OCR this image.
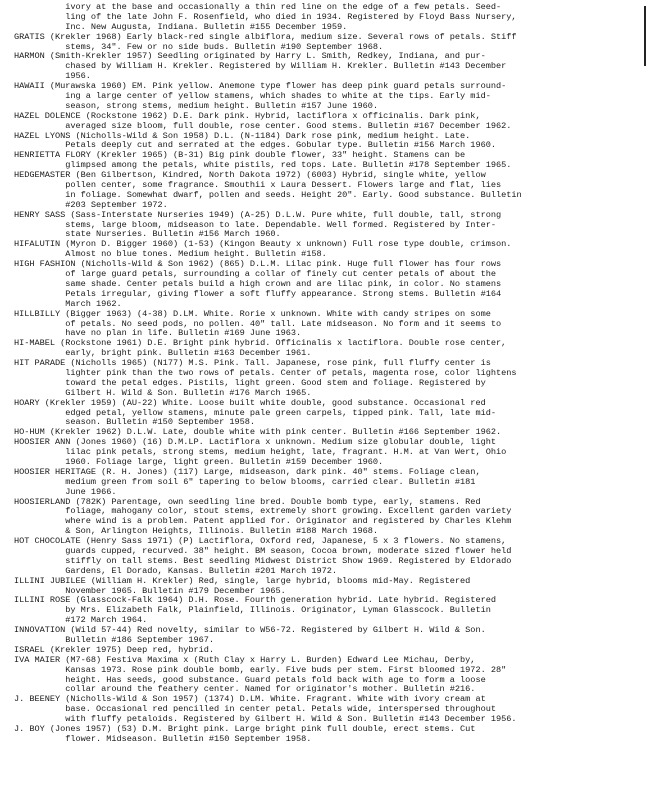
ivory at the base and occasionally a thin red line on the edge of a few petals. Seed-
ling of the late John F. Rosenfield, who died in 1934. Registered by Floyd Bass Nursery,
Inc. New Augusta, Indiana. Bulletin #155 December 1959.
GRATIS (Krekler 1968) Early black-red single albiflora, medium size. Several rows of petals. Stiff
stems, 34". Few or no side buds. Bulletin #190 September 1968.
HARMON (Smith-Krekler 1957) Seedling originated by Harry L. Smith, Redkey, Indiana, and pur-
chased by William H. Krekler. Registered by William H. Krekler. Bulletin #143 December
1956.
HAWAII (Murawska 1960) EM. Pink yellow. Anemone type flower has deep pink guard petals surround-
ing a large center of yellow stamens, which shades to white at the tips. Early mid-
season, strong stems, medium height. Bulletin #157 June 1960.
HAZEL DOLENCE (Rockstone 1962) D.E. Dark pink. Hybrid, lactiflora x officinalis. Dark pink,
averaged size bloom, full double, rose center. Good stems. Bulletin #167 December 1962.
HAZEL LYONS (Nicholls-Wild & Son 1958) D.L. (N-1184) Dark rose pink, medium height. Late.
Petals deeply cut and serrated at the edges. Gobular type. Bulletin #156 March 1960.
HENRIETTA FLORY (Krekler 1965) (B-31) Big pink double flower, 33" height. Stamens can be
glimpsed among the petals, white pistils, red tops. Late. Bulletin #178 September 1965.
HEDGEMASTER (Ben Gilbertson, Kindred, North Dakota 1972) (6003) Hybrid, single white, yellow
pollen center, some fragrance. Smouthii x Laura Dessert. Flowers large and flat, lies
in foliage. Somewhat dwarf, pollen and seeds. Height 20". Early. Good substance. Bulletin
#203 September 1972.
HENRY SASS (Sass-Interstate Nurseries 1949) (A-25) D.L.W. Pure white, full double, tall, strong
stems, large bloom, midseason to late. Dependable. Well formed. Registered by Inter-
state Nurseries. Bulletin #156 March 1960.
HIFALUTIN (Myron D. Bigger 1960) (1-53) (Kingon Beauty x unknown) Full rose type double, crimson.
Almost no blue tones. Medium height. Bulletin #158.
HIGH FASHION (Nicholls-Wild & Son 1962) (865) D.L.M. Lilac pink. Huge full flower has four rows
of large guard petals, surrounding a collar of finely cut center petals of about the
same shade. Center petals build a high crown and are lilac pink, in color. No stamens
Petals irregular, giving flower a soft fluffy appearance. Strong stems. Bulletin #164
March 1962.
HILLBILLY (Bigger 1963) (4-38) D.LM. White. Rorie x unknown. White with candy stripes on some
of petals. No seed pods, no pollen. 40" tall. Late midseason. No form and it seems to
have no plan in life. Bulletin #169 June 1963.
HI-MABEL (Rockstone 1961) D.E. Bright pink hybrid. Officinalis x lactiflora. Double rose center,
early, bright pink. Bulletin #163 December 1961.
HIT PARADE (Nicholls 1965) (N177) M.S. Pink. Tall. Japanese, rose pink, full fluffy center is
lighter pink than the two rows of petals. Center of petals, magenta rose, color lightens
toward the petal edges. Pistils, light green. Good stem and foliage. Registered by
Gilbert H. Wild & Son. Bulletin #176 March 1965.
HOARY (Krekler 1959) (AU-22) White. Loose built white double, good substance. Occasional red
edged petal, yellow stamens, minute pale green carpels, tipped pink. Tall, late mid-
season. Bulletin #150 September 1958.
HO-HUM (Krekler 1962) D.L.W. Late, double white with pink center. Bulletin #166 September 1962.
HOOSIER ANN (Jones 1960) (16) D.M.LP. Lactiflora x unknown. Medium size globular double, light
lilac pink petals, strong stems, medium height, late, fragrant. H.M. at Van Wert, Ohio
1960. Foliage large, light green. Bulletin #159 December 1960.
HOOSIER HERITAGE (R. H. Jones) (117) Large, midseason, dark pink. 40" stems. Foliage clean,
medium green from soil 6" tapering to below blooms, carried clear. Bulletin #181
June 1966.
HOOSIERLAND (782K) Parentage, own seedling line bred. Double bomb type, early, stamens. Red
foliage, mahogany color, stout stems, extremely short growing. Excellent garden variety
where wind is a problem. Patent applied for. Originator and registered by Charles Klehm
& Son, Arlington Heights, Illinois. Bulletin #188 March 1968.
HOT CHOCOLATE (Henry Sass 1971) (P) Lactiflora, Oxford red, Japanese, 5 x 3 flowers. No stamens,
guards cupped, recurved. 38" height. BM season, Cocoa brown, moderate sized flower held
stiffly on tall stems. Best seedling Midwest District Show 1969. Registered by Eldorado
Gardens, El Dorado, Kansas. Bulletin #201 March 1972.
ILLINI JUBILEE (William H. Krekler) Red, single, large hybrid, blooms mid-May. Registered
November 1965. Bulletin #179 December 1965.
ILLINI ROSE (Glasscock-Falk 1964) D.H. Rose. Fourth generation hybrid. Late hybrid. Registered
by Mrs. Elizabeth Falk, Plainfield, Illinois. Originator, Lyman Glasscock. Bulletin
#172 March 1964.
INNOVATION (Wild 57-44) Red novelty, similar to W56-72. Registered by Gilbert H. Wild & Son.
Bulletin #186 September 1967.
ISRAEL (Krekler 1975) Deep red, hybrid.
IVA MAIER (M7-68) Festiva Maxima x (Ruth Clay x Harry L. Burden) Edward Lee Michau, Derby,
Kansas 1973. Rose pink double bomb, early. Five buds per stem. First bloomed 1972. 28"
height. Has seeds, good substance. Guard petals fold back with age to form a loose
collar around the feathery center. Named for originator's mother. Bulletin #216.
J. BEENEY (Nicholls-Wild & Son 1957) (1374) D.LM. White. Fragrant. White with ivory cream at
base. Occasional red pencilled in center petal. Petals wide, interspersed throughout
with fluffy petaloids. Registered by Gilbert H. Wild & Son. Bulletin #143 December 1956.
J. BOY (Jones 1957) (53) D.M. Bright pink. Large bright pink full double, erect stems. Cut
flower. Midseason. Bulletin #150 September 1958.
